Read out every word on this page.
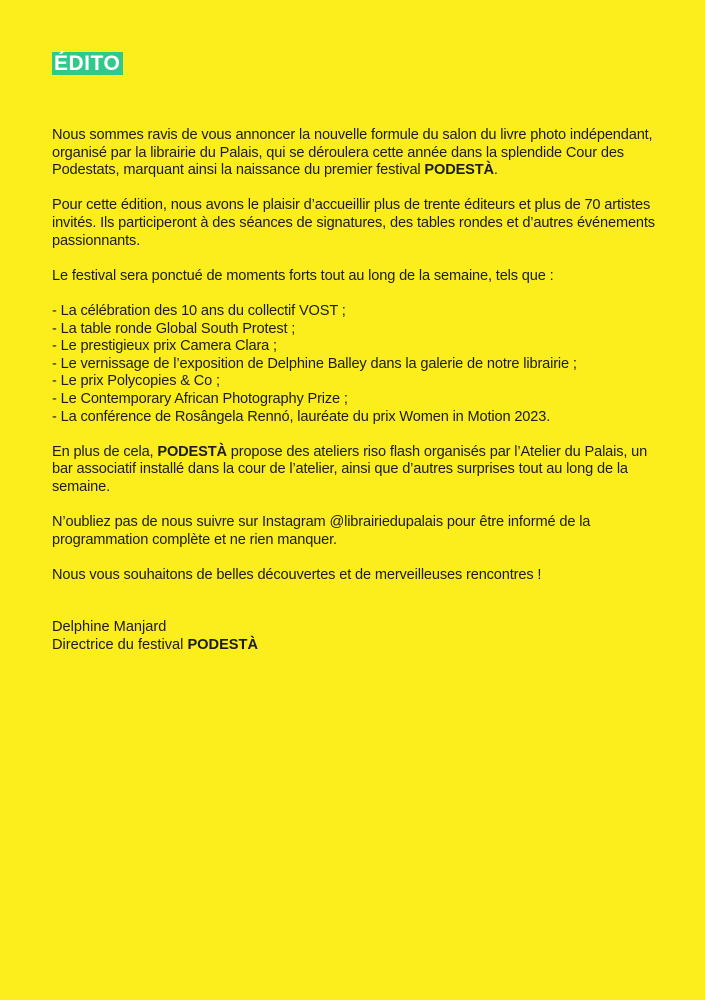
ÉDITO

Nous sommes ravis de vous annoncer la nouvelle formule du salon du livre photo indépendant, organisé par la librairie du Palais, qui se déroulera cette année dans la splendide Cour des Podestats, marquant ainsi la naissance du premier festival PODESTÀ.

Pour cette édition, nous avons le plaisir d’accueillir plus de trente éditeurs et plus de 70 artistes invités. Ils participeront à des séances de signatures, des tables rondes et d’autres événements passionnants.

Le festival sera ponctué de moments forts tout au long de la semaine, tels que :

- La célébration des 10 ans du collectif VOST ;
- La table ronde Global South Protest ;
- Le prestigieux prix Camera Clara ;
- Le vernissage de l’exposition de Delphine Balley dans la galerie de notre librairie ;
- Le prix Polycopies & Co ;
- Le Contemporary African Photography Prize ;
- La conférence de Rosângela Rennó, lauréate du prix Women in Motion 2023.

En plus de cela, PODESTÀ propose des ateliers riso flash organisés par l’Atelier du Palais, un bar associatif installé dans la cour de l’atelier, ainsi que d’autres surprises tout au long de la semaine.

N’oubliez pas de nous suivre sur Instagram @librairiedupalais pour être informé de la programmation complète et ne rien manquer.

Nous vous souhaitons de belles découvertes et de merveilleuses rencontres !

Delphine Manjard
Directrice du festival PODESTÀ
